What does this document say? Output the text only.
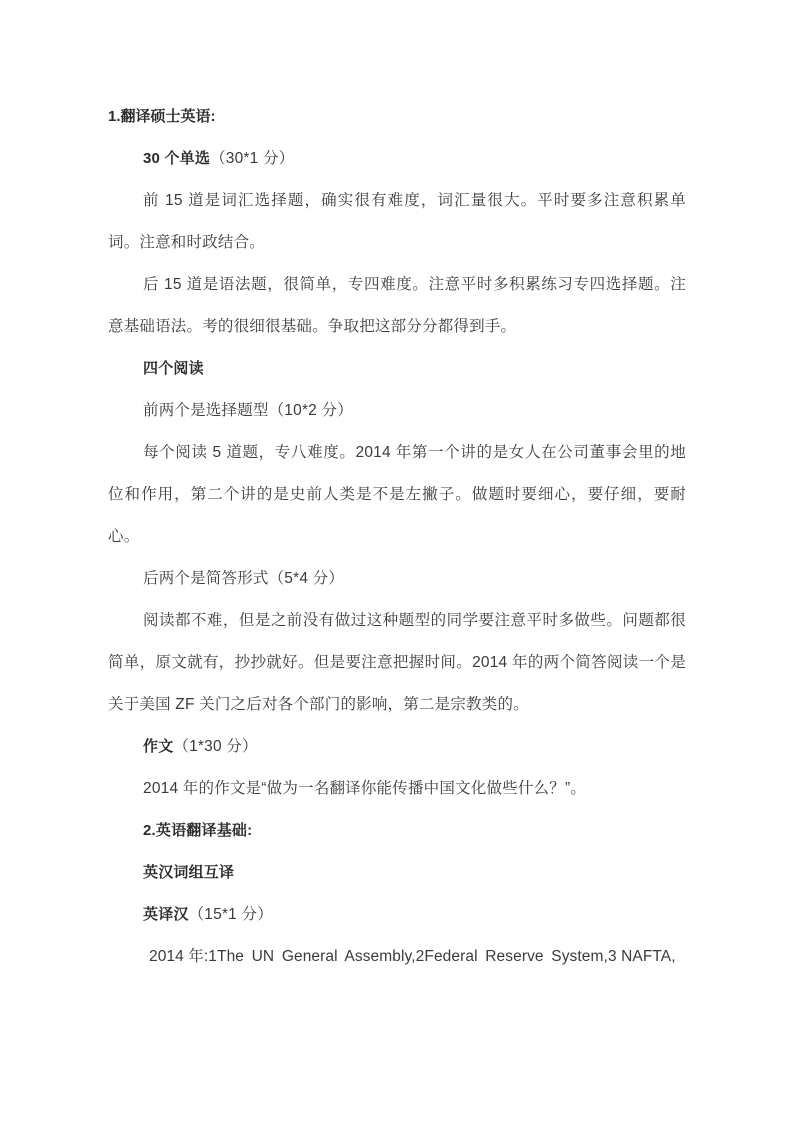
1.翻译硕士英语:

30 个单选（30*1 分）

前 15 道是词汇选择题，确实很有难度，词汇量很大。平时要多注意积累单词。注意和时政结合。

后 15 道是语法题，很简单，专四难度。注意平时多积累练习专四选择题。注意基础语法。考的很细很基础。争取把这部分分都得到手。

四个阅读

前两个是选择题型（10*2 分）

每个阅读 5 道题，专八难度。2014 年第一个讲的是女人在公司董事会里的地位和作用，第二个讲的是史前人类是不是左撇子。做题时要细心，要仔细，要耐心。

后两个是简答形式（5*4 分）

阅读都不难，但是之前没有做过这种题型的同学要注意平时多做些。问题都很简单，原文就有，抄抄就好。但是要注意把握时间。2014 年的两个简答阅读一个是关于美国 ZF 关门之后对各个部门的影响，第二是宗教类的。

作文（1*30 分）

2014 年的作文是“做为一名翻译你能传播中国文化做些什么？”。

2.英语翻译基础:

英汉词组互译

英译汉（15*1 分）

2014 年:1The UN General Assembly,2Federal Reserve System,3 NAFTA,
